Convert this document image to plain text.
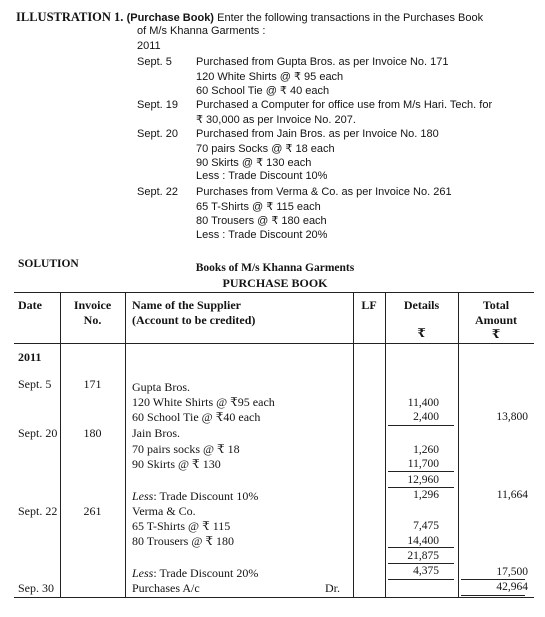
ILLUSTRATION 1. (Purchase Book) Enter the following transactions in the Purchases Book
of M/s Khanna Garments :
2011
Sept. 5 Purchased from Gupta Bros. as per Invoice No. 171
120 White Shirts @ ₹ 95 each
60 School Tie @ ₹ 40 each
Sept. 19 Purchased a Computer for office use from M/s Hari. Tech. for
₹ 30,000 as per Invoice No. 207.
Sept. 20 Purchased from Jain Bros. as per Invoice No. 180
70 pairs Socks @ ₹ 18 each
90 Skirts @ ₹ 130 each
Less : Trade Discount 10%
Sept. 22 Purchases from Verma & Co. as per Invoice No. 261
65 T-Shirts @ ₹ 115 each
80 Trousers @ ₹ 180 each
Less : Trade Discount 20%
SOLUTION	Books of M/s Khanna Garments
PURCHASE BOOK
Date	Invoice
No.
Name of the Supplier
(Account to be credited)
LF	Details
₹
Total
Amount
₹
2011
Sept. 5	171	Gupta Bros.
120 White Shirts @ ₹95 each	11,400
60 School Tie @ ₹40 each	2,400	13,800
Sept. 20	180	Jain Bros.
70 pairs socks @ ₹ 18	1,260
90 Skirts @ ₹ 130	11,700
12,960
Less: Trade Discount 10%	1,296	11,664
Sept. 22	261	Verma & Co.
65 T-Shirts @ ₹ 115	7,475
80 Trousers @ ₹ 180	14,400
21,875
Less: Trade Discount 20%	4,375	17,500
Sep. 30	Purchases A/c	Dr.	42,964
